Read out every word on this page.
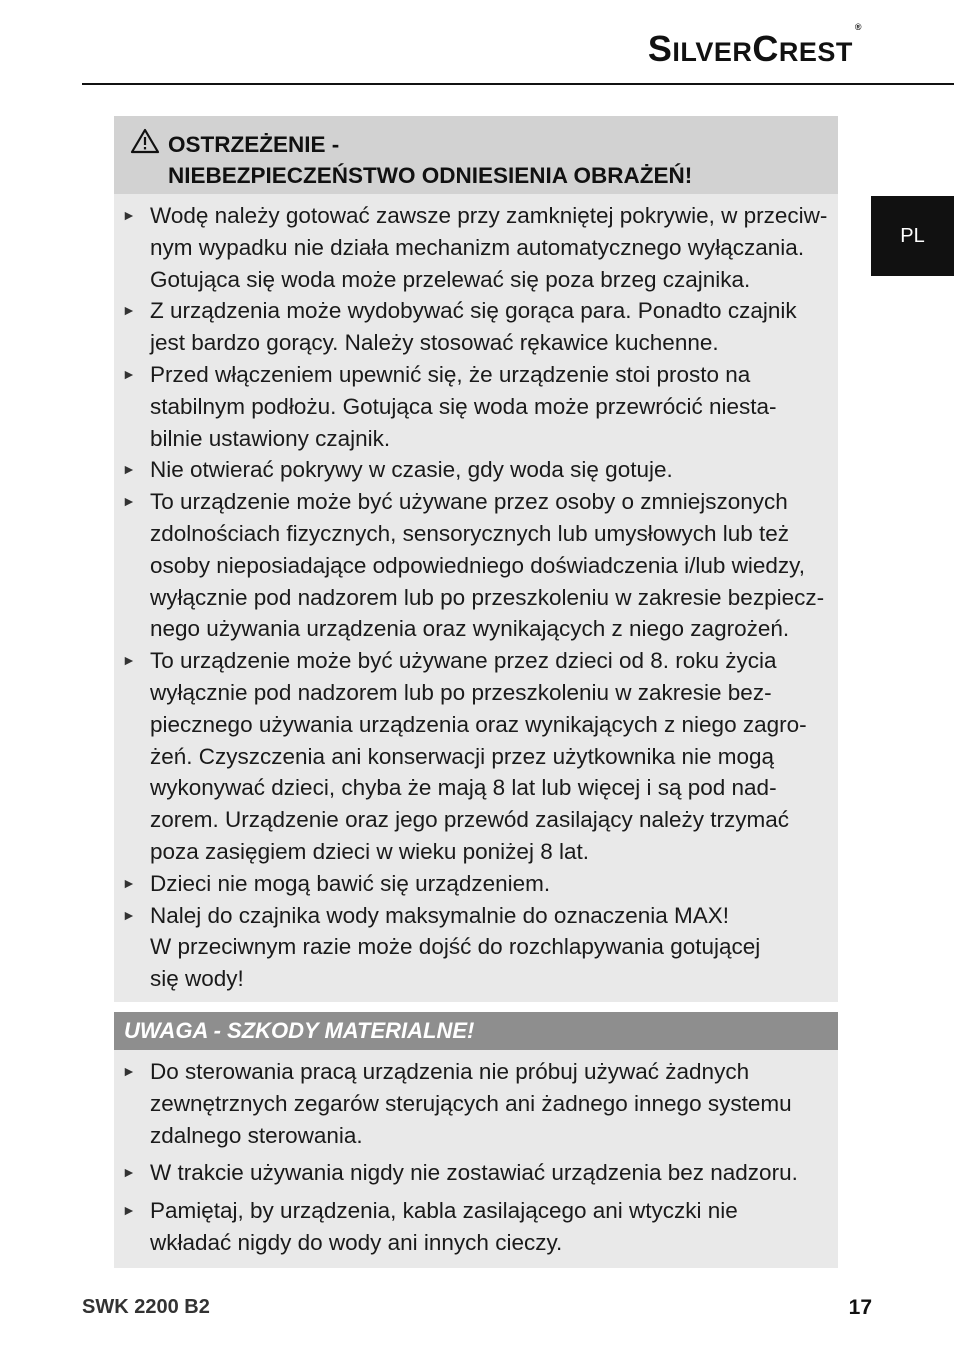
SILVERCREST®
PL
OSTRZEŻENIE -
NIEBEZPIECZEŃSTWO ODNIESIENIA OBRAŻEŃ!
► Wodę należy gotować zawsze przy zamkniętej pokrywie, w przeciw-
nym wypadku nie działa mechanizm automatycznego wyłączania.
Gotująca się woda może przelewać się poza brzeg czajnika.
► Z urządzenia może wydobywać się gorąca para. Ponadto czajnik
jest bardzo gorący. Należy stosować rękawice kuchenne.
► Przed włączeniem upewnić się, że urządzenie stoi prosto na
stabilnym podłożu. Gotująca się woda może przewrócić niesta-
bilnie ustawiony czajnik.
► Nie otwierać pokrywy w czasie, gdy woda się gotuje.
► To urządzenie może być używane przez osoby o zmniejszonych
zdolnościach fizycznych, sensorycznych lub umysłowych lub też
osoby nieposiadające odpowiedniego doświadczenia i/lub wiedzy,
wyłącznie pod nadzorem lub po przeszkoleniu w zakresie bezpiecz-
nego używania urządzenia oraz wynikających z niego zagrożeń.
► To urządzenie może być używane przez dzieci od 8. roku życia
wyłącznie pod nadzorem lub po przeszkoleniu w zakresie bez-
piecznego używania urządzenia oraz wynikających z niego zagro-
żeń. Czyszczenia ani konserwacji przez użytkownika nie mogą
wykonywać dzieci, chyba że mają 8 lat lub więcej i są pod nad-
zorem. Urządzenie oraz jego przewód zasilający należy trzymać
poza zasięgiem dzieci w wieku poniżej 8 lat.
► Dzieci nie mogą bawić się urządzeniem.
► Nalej do czajnika wody maksymalnie do oznaczenia MAX!
W przeciwnym razie może dojść do rozchlapywania gotującej
się wody!
UWAGA - SZKODY MATERIALNE!
► Do sterowania pracą urządzenia nie próbuj używać żadnych
zewnętrznych zegarów sterujących ani żadnego innego systemu
zdalnego sterowania.
► W trakcie używania nigdy nie zostawiać urządzenia bez nadzoru.
► Pamiętaj, by urządzenia, kabla zasilającego ani wtyczki nie
wkładać nigdy do wody ani innych cieczy.
SWK 2200 B2	17
